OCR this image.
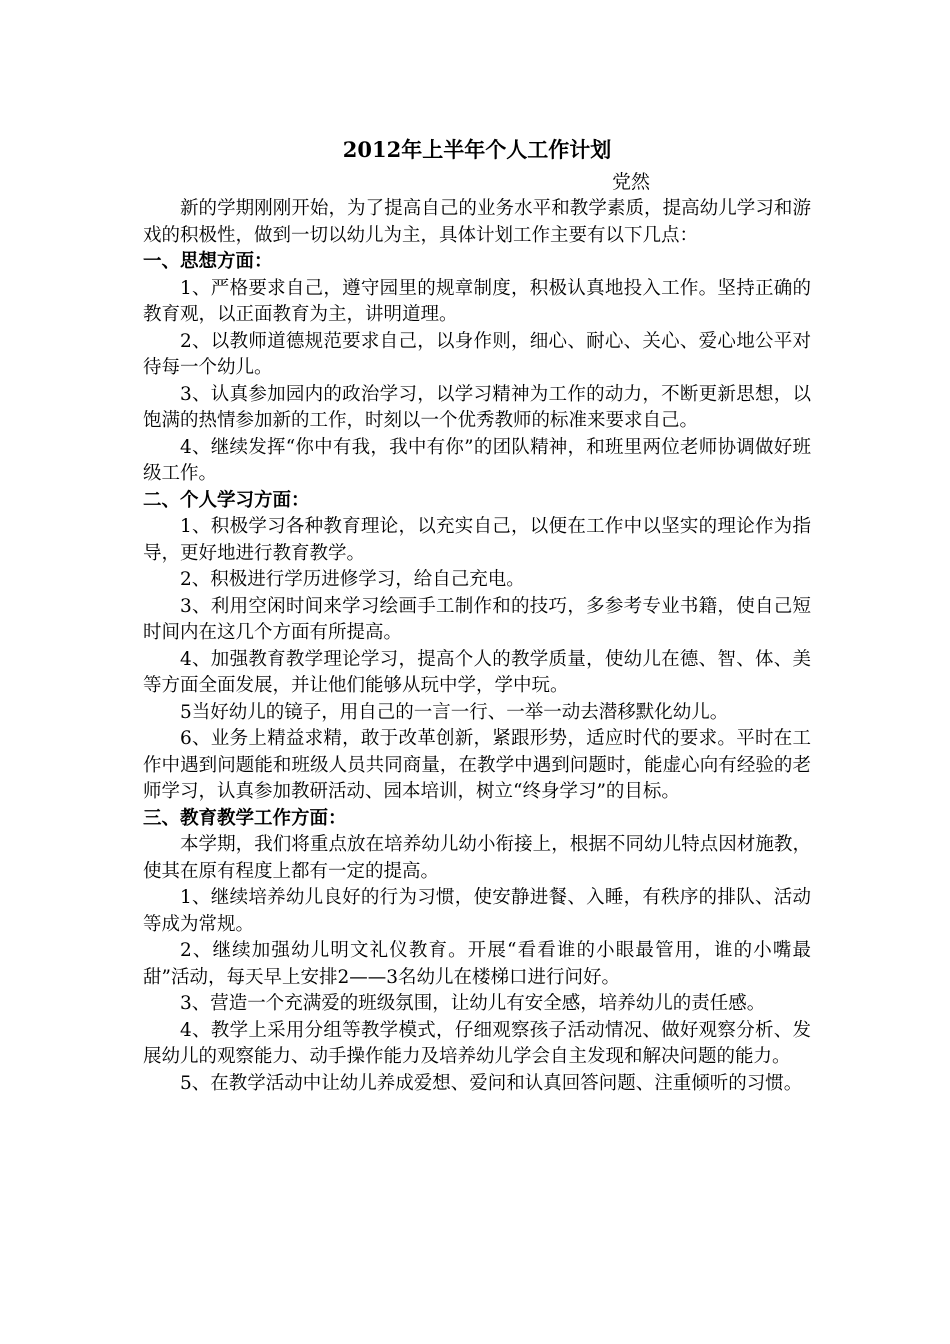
2012年上半年个人工作计划
党然

新的学期刚刚开始，为了提高自己的业务水平和教学素质，提高幼儿学习和游戏的积极性，做到一切以幼儿为主，具体计划工作主要有以下几点：

一、思想方面：

1、严格要求自己，遵守园里的规章制度，积极认真地投入工作。坚持正确的教育观，以正面教育为主，讲明道理。

2、以教师道德规范要求自己，以身作则，细心、耐心、关心、爱心地公平对待每一个幼儿。

3、认真参加园内的政治学习，以学习精神为工作的动力，不断更新思想，以饱满的热情参加新的工作，时刻以一个优秀教师的标准来要求自己。

4、继续发挥“你中有我，我中有你”的团队精神，和班里两位老师协调做好班级工作。

二、个人学习方面：

1、积极学习各种教育理论，以充实自己，以便在工作中以坚实的理论作为指导，更好地进行教育教学。

2、积极进行学历进修学习，给自己充电。

3、利用空闲时间来学习绘画手工制作和的技巧，多参考专业书籍，使自己短时间内在这几个方面有所提高。

4、加强教育教学理论学习，提高个人的教学质量，使幼儿在德、智、体、美等方面全面发展，并让他们能够从玩中学，学中玩。

5当好幼儿的镜子，用自己的一言一行、一举一动去潜移默化幼儿。

6、业务上精益求精，敢于改革创新，紧跟形势，适应时代的要求。平时在工作中遇到问题能和班级人员共同商量，在教学中遇到问题时，能虚心向有经验的老师学习，认真参加教研活动、园本培训，树立“终身学习”的目标。

三、教育教学工作方面：

本学期，我们将重点放在培养幼儿幼小衔接上，根据不同幼儿特点因材施教，使其在原有程度上都有一定的提高。

1、继续培养幼儿良好的行为习惯，使安静进餐、入睡，有秩序的排队、活动等成为常规。

2、继续加强幼儿明文礼仪教育。开展“看看谁的小眼最管用，谁的小嘴最甜”活动，每天早上安排2——3名幼儿在楼梯口进行问好。

3、营造一个充满爱的班级氛围，让幼儿有安全感，培养幼儿的责任感。

4、教学上采用分组等教学模式，仔细观察孩子活动情况、做好观察分析、发展幼儿的观察能力、动手操作能力及培养幼儿学会自主发现和解决问题的能力。

5、在教学活动中让幼儿养成爱想、爱问和认真回答问题、注重倾听的习惯。
